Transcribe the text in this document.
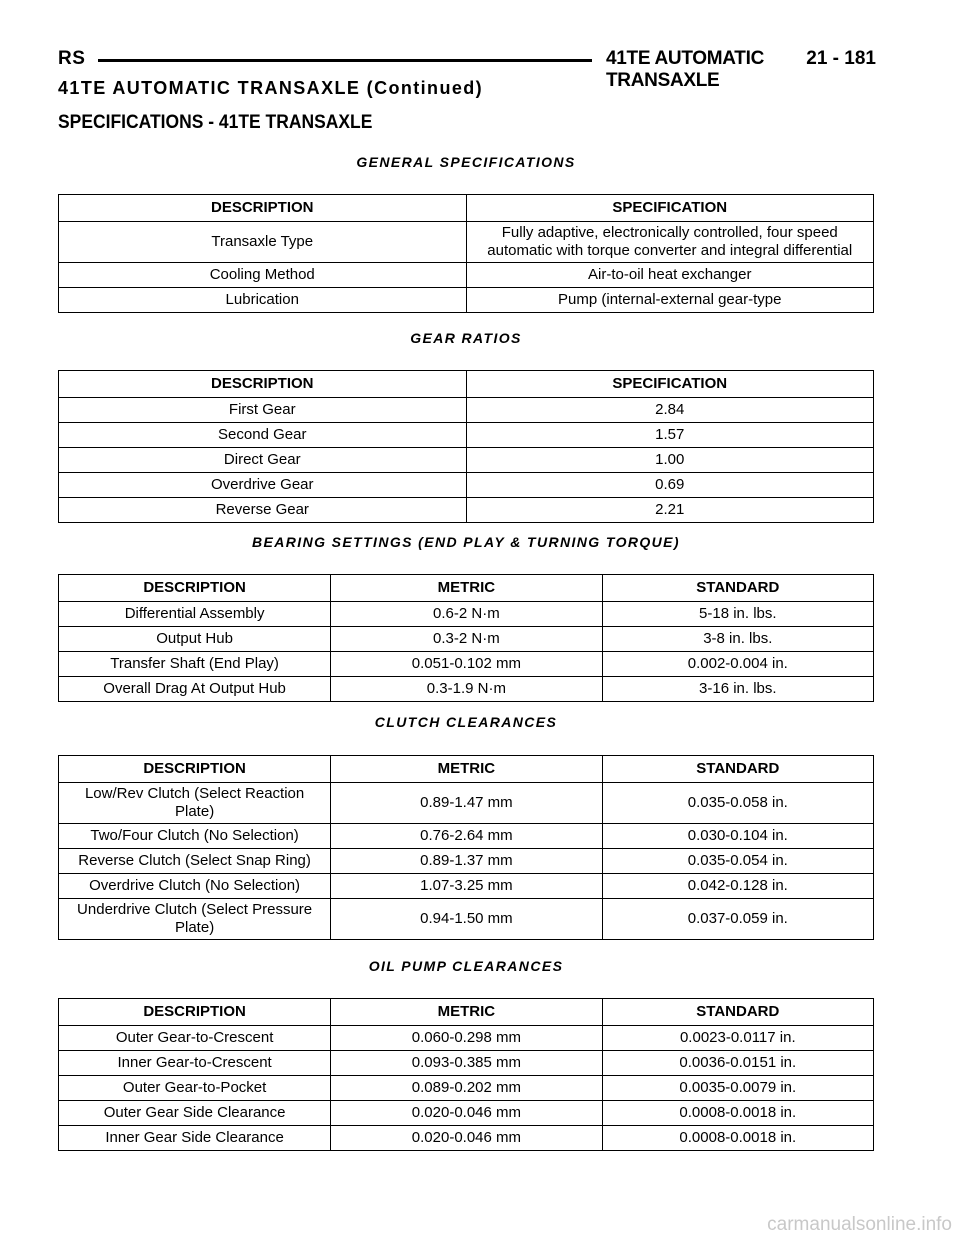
RS	41TE AUTOMATIC TRANSAXLE
21 - 181
41TE AUTOMATIC TRANSAXLE (Continued)
SPECIFICATIONS - 41TE TRANSAXLE
GENERAL SPECIFICATIONS
DESCRIPTION	SPECIFICATION
Transaxle Type	Fully adaptive, electronically controlled, four speed automatic with torque converter and integral differential
Cooling Method	Air-to-oil heat exchanger
Lubrication	Pump (internal-external gear-type
GEAR RATIOS
DESCRIPTION	SPECIFICATION
First Gear	2.84
Second Gear	1.57
Direct Gear	1.00
Overdrive Gear	0.69
Reverse Gear	2.21
BEARING SETTINGS (END PLAY & TURNING TORQUE)
DESCRIPTION	METRIC	STANDARD
Differential Assembly	0.6-2 N·m	5-18 in. lbs.
Output Hub	0.3-2 N·m	3-8 in. lbs.
Transfer Shaft (End Play)	0.051-0.102 mm	0.002-0.004 in.
Overall Drag At Output Hub	0.3-1.9 N·m	3-16 in. lbs.
CLUTCH CLEARANCES
DESCRIPTION	METRIC	STANDARD
Low/Rev Clutch (Select Reaction Plate)	0.89-1.47 mm	0.035-0.058 in.
Two/Four Clutch (No Selection)	0.76-2.64 mm	0.030-0.104 in.
Reverse Clutch (Select Snap Ring)	0.89-1.37 mm	0.035-0.054 in.
Overdrive Clutch (No Selection)	1.07-3.25 mm	0.042-0.128 in.
Underdrive Clutch (Select Pressure Plate)	0.94-1.50 mm	0.037-0.059 in.
OIL PUMP CLEARANCES
DESCRIPTION	METRIC	STANDARD
Outer Gear-to-Crescent	0.060-0.298 mm	0.0023-0.0117 in.
Inner Gear-to-Crescent	0.093-0.385 mm	0.0036-0.0151 in.
Outer Gear-to-Pocket	0.089-0.202 mm	0.0035-0.0079 in.
Outer Gear Side Clearance	0.020-0.046 mm	0.0008-0.0018 in.
Inner Gear Side Clearance	0.020-0.046 mm	0.0008-0.0018 in.
carmanualsonline.info
